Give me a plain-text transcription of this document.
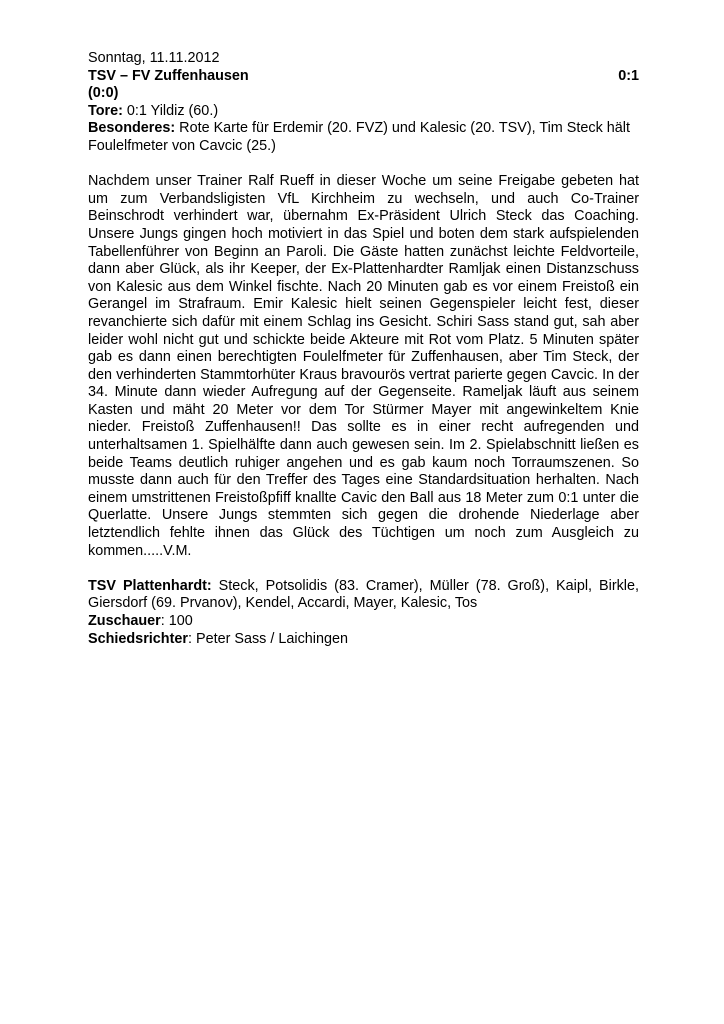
Sonntag, 11.11.2012
TSV – FV Zuffenhausen	0:1
(0:0)
Tore: 0:1 Yildiz (60.)
Besonderes: Rote Karte für Erdemir (20. FVZ) und Kalesic (20. TSV), Tim Steck hält Foulelfmeter von Cavcic (25.)

Nachdem unser Trainer Ralf Rueff in dieser Woche um seine Freigabe gebeten hat um zum Verbandsligisten VfL Kirchheim zu wechseln, und auch Co-Trainer Beinschrodt verhindert war, übernahm Ex-Präsident Ulrich Steck das Coaching. Unsere Jungs gingen hoch motiviert in das Spiel und boten dem stark aufspielenden Tabellenführer von Beginn an Paroli. Die Gäste hatten zunächst leichte Feldvorteile, dann aber Glück, als ihr Keeper, der Ex-Plattenhardter Ramljak einen Distanzschuss von Kalesic aus dem Winkel fischte. Nach 20 Minuten gab es vor einem Freistoß ein Gerangel im Strafraum. Emir Kalesic hielt seinen Gegenspieler leicht fest, dieser revanchierte sich dafür mit einem Schlag ins Gesicht. Schiri Sass stand gut, sah aber leider wohl nicht gut und schickte beide Akteure mit Rot vom Platz. 5 Minuten später gab es dann einen berechtigten Foulelfmeter für Zuffenhausen, aber Tim Steck, der den verhinderten Stammtorhüter Kraus bravourös vertrat parierte gegen Cavcic. In der 34. Minute dann wieder Aufregung auf der Gegenseite. Rameljak läuft aus seinem Kasten und mäht 20 Meter vor dem Tor Stürmer Mayer mit angewinkeltem Knie nieder. Freistoß Zuffenhausen!! Das sollte es in einer recht aufregenden und unterhaltsamen 1. Spielhälfte dann auch gewesen sein. Im 2. Spielabschnitt ließen es beide Teams deutlich ruhiger angehen und es gab kaum noch Torraumszenen. So musste dann auch für den Treffer des Tages eine Standardsituation herhalten. Nach einem umstrittenen Freistoßpfiff knallte Cavic den Ball aus 18 Meter zum 0:1 unter die Querlatte. Unsere Jungs stemmten sich gegen die drohende Niederlage aber letztendlich fehlte ihnen das Glück des Tüchtigen um noch zum Ausgleich zu kommen.....V.M.

TSV Plattenhardt: Steck, Potsolidis (83. Cramer), Müller (78. Groß), Kaipl, Birkle, Giersdorf (69. Prvanov), Kendel, Accardi, Mayer, Kalesic, Tos
Zuschauer: 100
Schiedsrichter: Peter Sass / Laichingen
